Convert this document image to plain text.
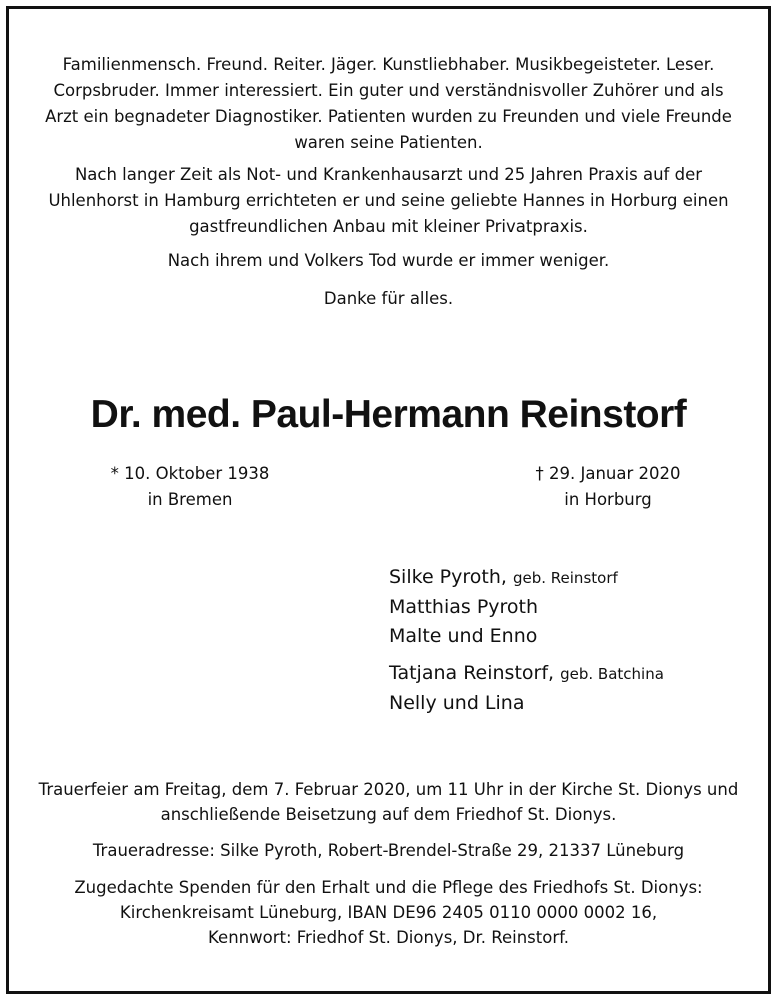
Familienmensch. Freund. Reiter. Jäger. Kunstliebhaber. Musikbegeisteter. Leser.
Corpsbruder. Immer interessiert. Ein guter und verständnisvoller Zuhörer und als
Arzt ein begnadeter Diagnostiker. Patienten wurden zu Freunden und viele Freunde
waren seine Patienten.
Nach langer Zeit als Not- und Krankenhausarzt und 25 Jahren Praxis auf der
Uhlenhorst in Hamburg errichteten er und seine geliebte Hannes in Horburg einen
gastfreundlichen Anbau mit kleiner Privatpraxis.
Nach ihrem und Volkers Tod wurde er immer weniger.
Danke für alles.
Dr. med. Paul-Hermann Reinstorf
* 10. Oktober 1938
in Bremen
† 29. Januar 2020
in Horburg
Silke Pyroth, geb. Reinstorf
Matthias Pyroth
Malte und Enno
Tatjana Reinstorf, geb. Batchina
Nelly und Lina
Trauerfeier am Freitag, dem 7. Februar 2020, um 11 Uhr in der Kirche St. Dionys und
anschließende Beisetzung auf dem Friedhof St. Dionys.
Traueradresse: Silke Pyroth, Robert-Brendel-Straße 29, 21337 Lüneburg
Zugedachte Spenden für den Erhalt und die Pflege des Friedhofs St. Dionys:
Kirchenkreisamt Lüneburg, IBAN DE96 2405 0110 0000 0002 16,
Kennwort: Friedhof St. Dionys, Dr. Reinstorf.
